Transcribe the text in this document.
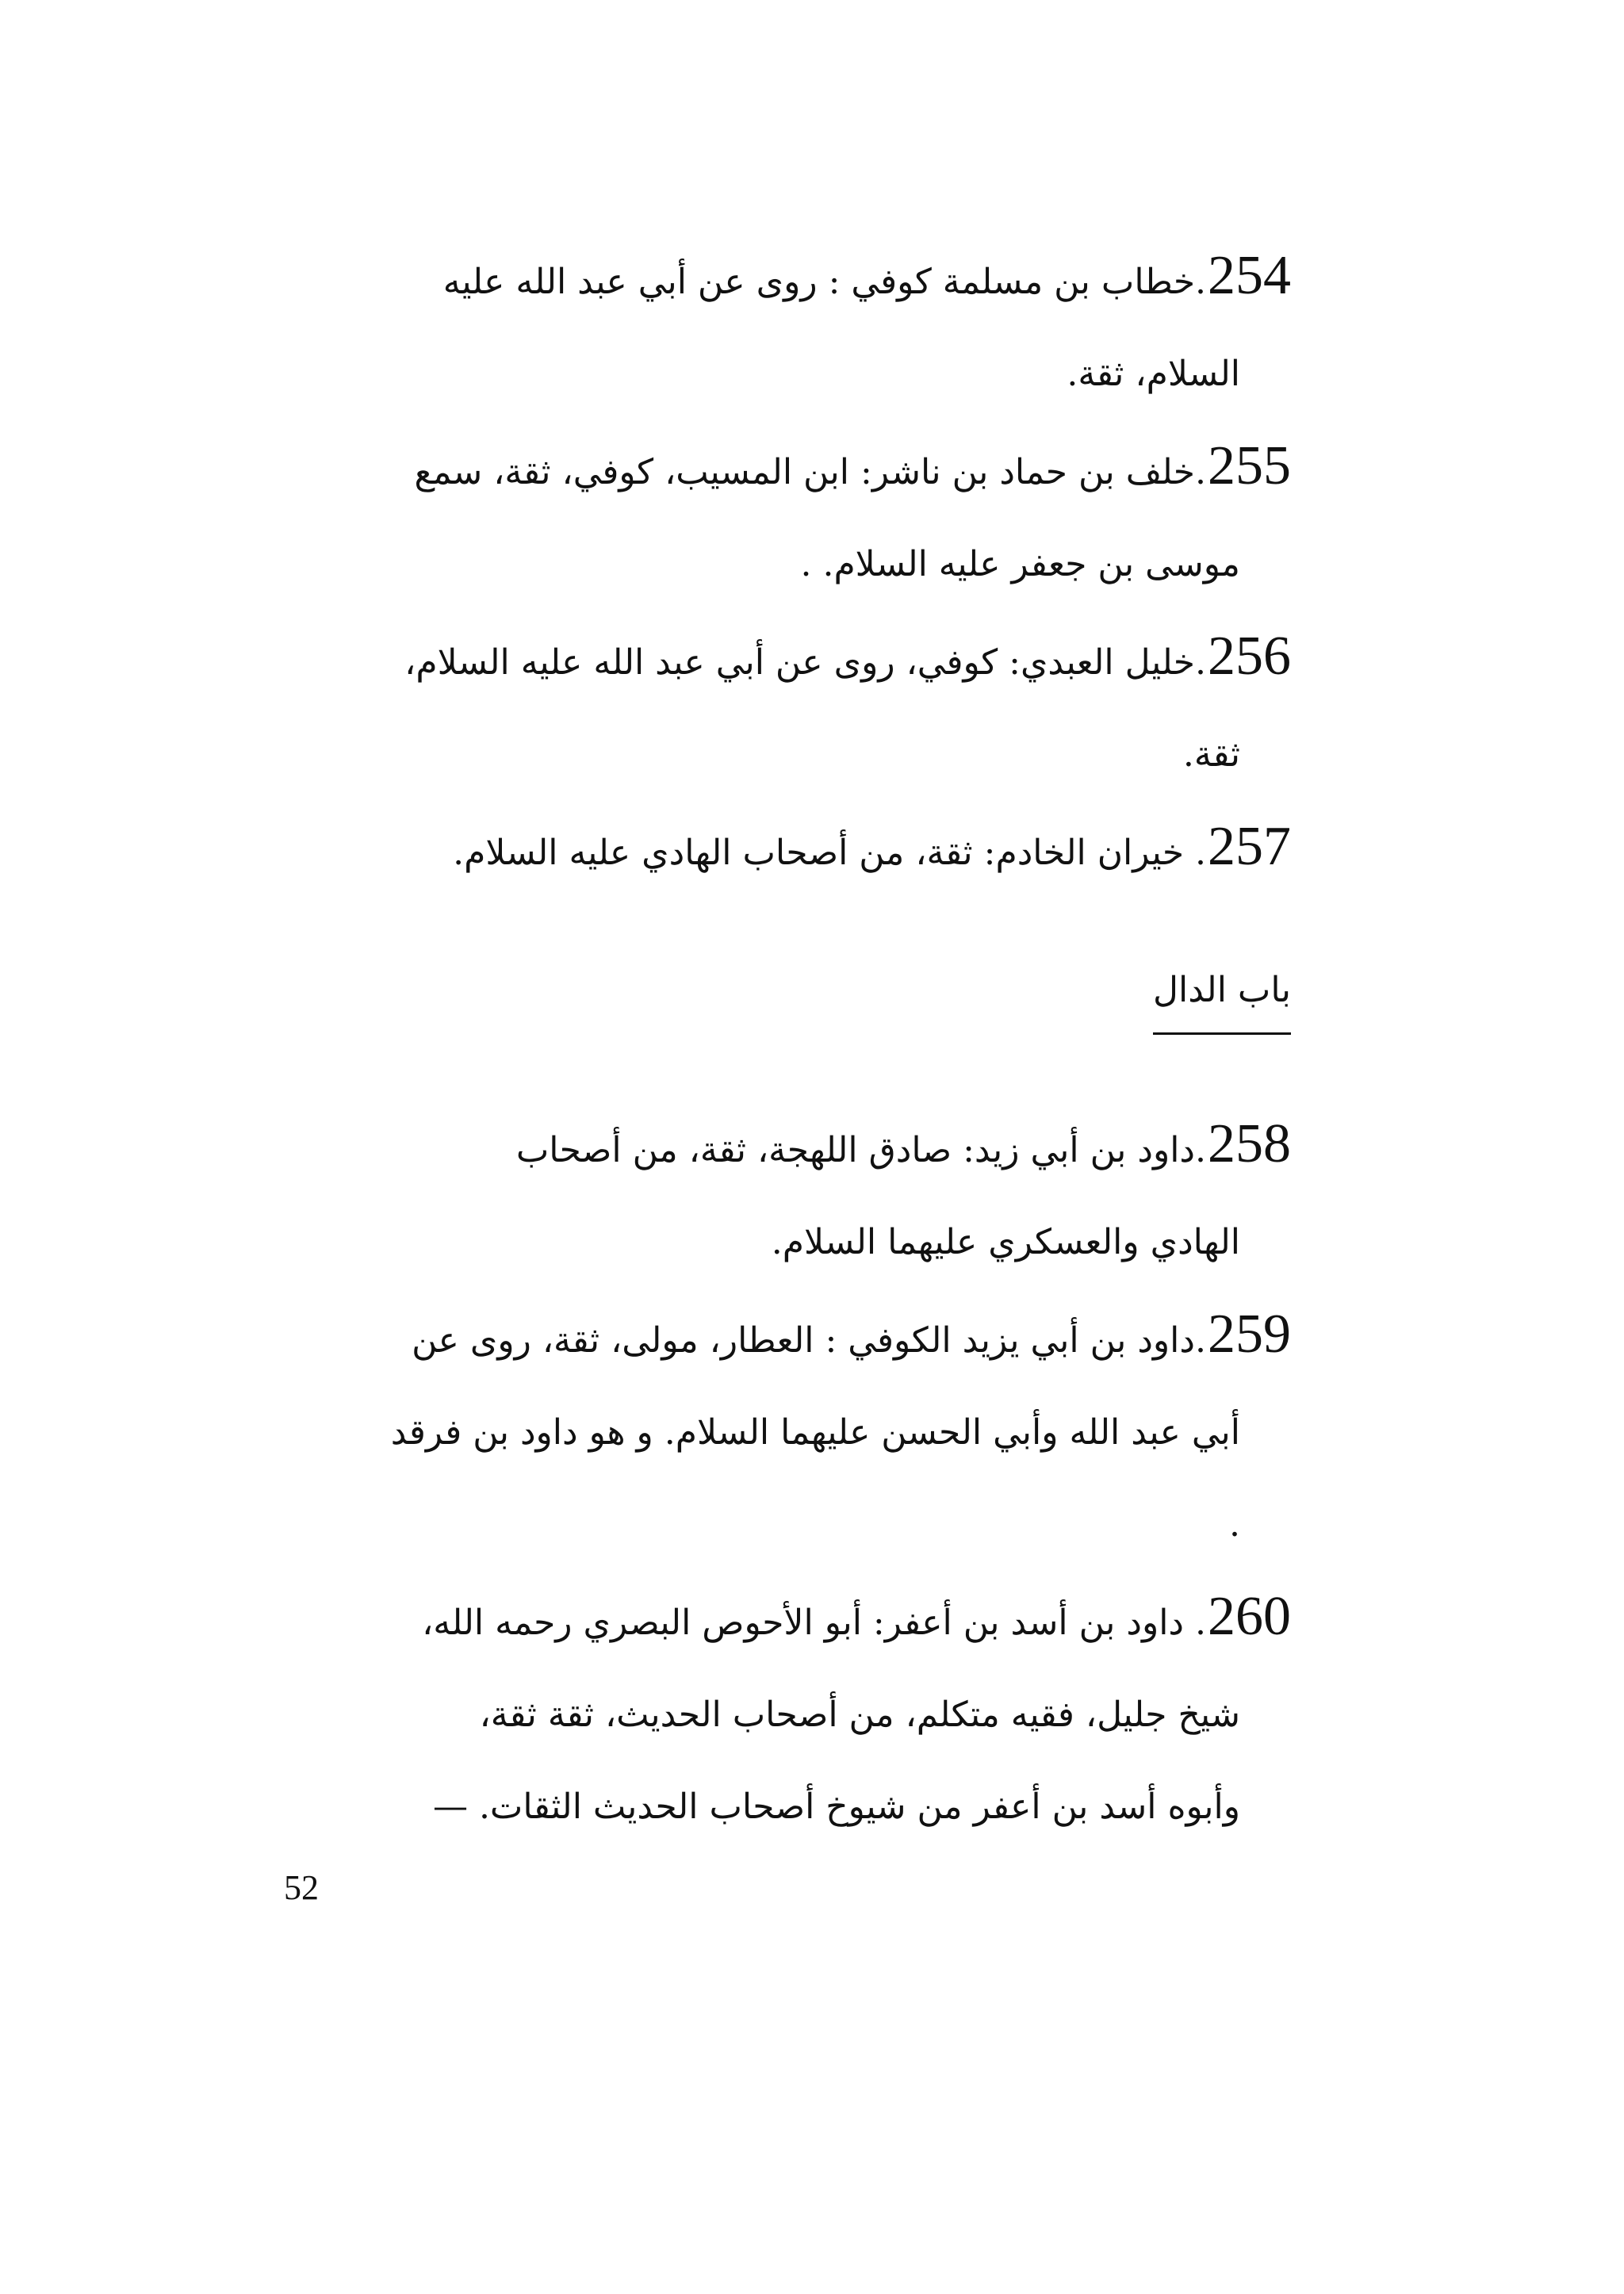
254.خطاب بن مسلمة كوفي : روى عن أبي عبد الله عليه
السلام، ثقة.
255.خلف بن حماد بن ناشر: ابن المسيب، كوفي، ثقة، سمع
موسى بن جعفر عليه السلام. .
256.خليل العبدي: كوفي، روى عن أبي عبد الله عليه السلام،
ثقة.
257. خيران الخادم: ثقة، من أصحاب الهادي عليه السلام.
باب الدال
258.داود بن أبي زيد: صادق اللهجة، ثقة، من أصحاب
الهادي والعسكري عليهما السلام.
259.داود بن أبي يزيد الكوفي : العطار، مولى، ثقة، روى عن
أبي عبد الله وأبي الحسن عليهما السلام. و هو داود بن فرقد
.
260. داود بن أسد بن أعفر: أبو الأحوص البصري رحمه الله،
شيخ جليل، فقيه متكلم، من أصحاب الحديث، ثقة ثقة،
وأبوه أسد بن أعفر من شيوخ أصحاب الحديث الثقات. —
52
